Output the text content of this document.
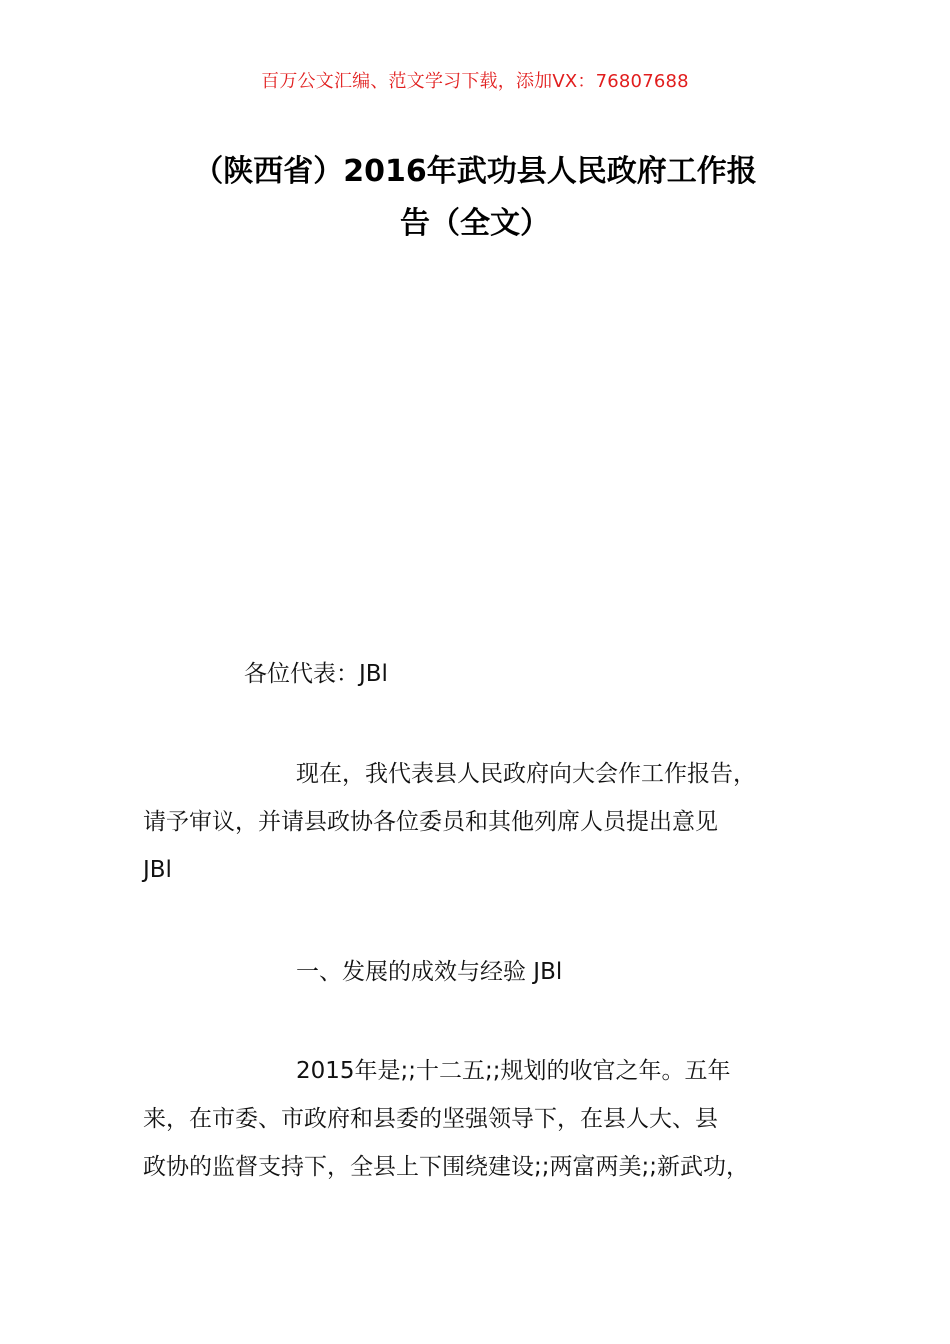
百万公文汇编、范文学习下载，添加VX：76807688
（陕西省）2016年武功县人民政府工作报
告（全文）

各位代表：JBl

现在，我代表县人民政府向大会作工作报告，
请予审议，并请县政协各位委员和其他列席人员提出意见
JBl

一、发展的成效与经验 JBl

2015年是;;十二五;;规划的收官之年。五年
来，在市委、市政府和县委的坚强领导下，在县人大、县
政协的监督支持下，全县上下围绕建设;;两富两美;;新武功，
